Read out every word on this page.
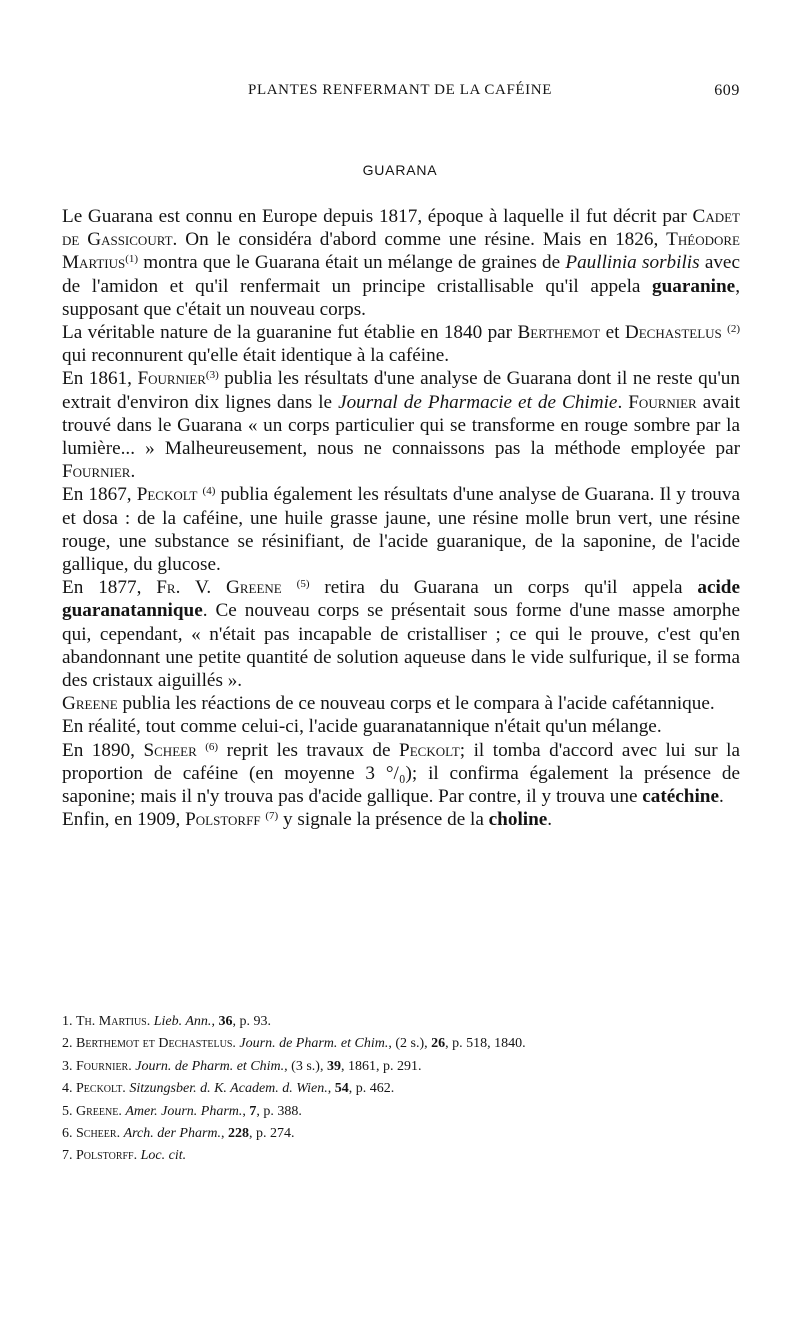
PLANTES RENFERMANT DE LA CAFÉINE	609
GUARANA

Le Guarana est connu en Europe depuis 1817, époque à laquelle il fut décrit par Cadet de Gassicourt. On le considéra d'abord comme une résine. Mais en 1826, Théodore Martius$^{(1)}$ montra que le Guarana était un mélange de graines de Paullinia sorbilis avec de l'amidon et qu'il renfermait un principe cristallisable qu'il appela guaranine, supposant que c'était un nouveau corps.

La véritable nature de la guaranine fut établie en 1840 par Berthemot et Dechastelus $^{(2)}$ qui reconnurent qu'elle était identique à la caféine.

En 1861, Fournier$^{(3)}$ publia les résultats d'une analyse de Guarana dont il ne reste qu'un extrait d'environ dix lignes dans le Journal de Pharmacie et de Chimie. Fournier avait trouvé dans le Guarana « un corps particulier qui se transforme en rouge sombre par la lumière... » Malheureusement, nous ne connaissons pas la méthode employée par Fournier.

En 1867, Peckolt $^{(4)}$ publia également les résultats d'une analyse de Guarana. Il y trouva et dosa : de la caféine, une huile grasse jaune, une résine molle brun vert, une résine rouge, une substance se résinifiant, de l'acide guaranique, de la saponine, de l'acide gallique, du glucose.

En 1877, Fr. V. Greene $^{(5)}$ retira du Guarana un corps qu'il appela acide guaranatannique. Ce nouveau corps se présentait sous forme d'une masse amorphe qui, cependant, « n'était pas incapable de cristalliser ; ce qui le prouve, c'est qu'en abandonnant une petite quantité de solution aqueuse dans le vide sulfurique, il se forma des cristaux aiguillés ».

Greene publia les réactions de ce nouveau corps et le compara à l'acide cafétannique.

En réalité, tout comme celui-ci, l'acide guaranatannique n'était qu'un mélange.

En 1890, Scheer $^{(6)}$ reprit les travaux de Peckolt; il tomba d'accord avec lui sur la proportion de caféine (en moyenne 3 °/₀); il confirma également la présence de saponine; mais il n'y trouva pas d'acide gallique. Par contre, il y trouva une catéchine.

Enfin, en 1909, Polstorff $^{(7)}$ y signale la présence de la choline.

1. Th. Martius. Lieb. Ann., 36, p. 93.
2. Berthemot et Dechastelus. Journ. de Pharm. et Chim., (2 s.), 26, p. 518, 1840.
3. Fournier. Journ. de Pharm. et Chim., (3 s.), 39, 1861, p. 291.
4. Peckolt. Sitzungsber. d. K. Academ. d. Wien., 54, p. 462.
5. Greene. Amer. Journ. Pharm., 7, p. 388.
6. Scheer. Arch. der Pharm., 228, p. 274.
7. Polstorff. Loc. cit.
